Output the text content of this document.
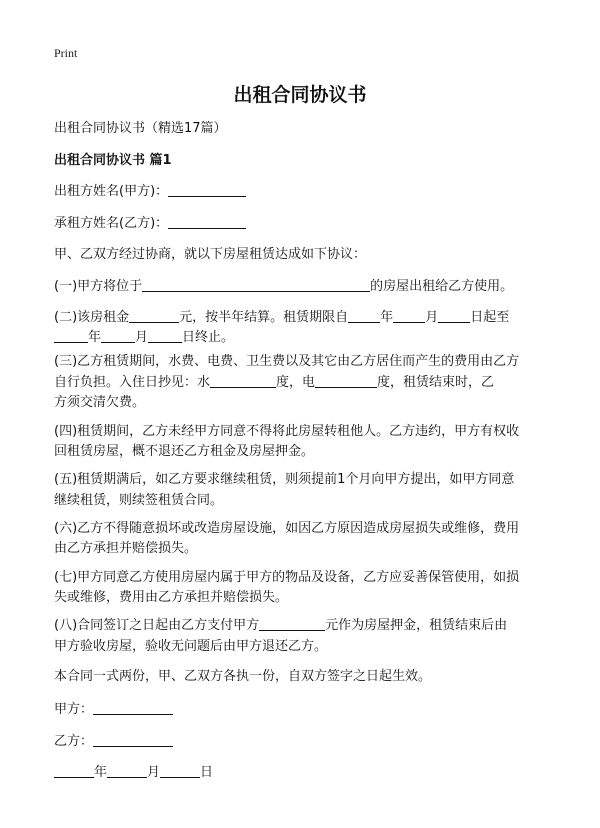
Print
出租合同协议书
出租合同协议书（精选17篇）
出租合同协议书 篇1
出租方姓名(甲方)：
承租方姓名(乙方)：
甲、乙双方经过协商，就以下房屋租赁达成如下协议：
(一)甲方将位于	的房屋出租给乙方使用。
(二)该房租金	元，按半年结算。租赁期限自 年 月 日起至
年	月	日终止。
(三)乙方租赁期间，水费、电费、卫生费以及其它由乙方居住而产生的费用由乙方
自行负担。入住日抄见：水	度，电	度，租赁结束时，乙
方须交清欠费。
(四)租赁期间，乙方未经甲方同意不得将此房屋转租他人。乙方违约，甲方有权收
回租赁房屋，概不退还乙方租金及房屋押金。
(五)租赁期满后，如乙方要求继续租赁，则须提前1个月向甲方提出，如甲方同意
继续租赁，则续签租赁合同。
(六)乙方不得随意损坏或改造房屋设施，如因乙方原因造成房屋损失或维修，费用
由乙方承担并赔偿损失。
(七)甲方同意乙方使用房屋内属于甲方的物品及设备，乙方应妥善保管使用，如损
失或维修，费用由乙方承担并赔偿损失。
(八)合同签订之日起由乙方支付甲方	元作为房屋押金，租赁结束后由
甲方验收房屋，验收无问题后由甲方退还乙方。
本合同一式两份，甲、乙双方各执一份，自双方签字之日起生效。
甲方：
乙方：
年	月	日
